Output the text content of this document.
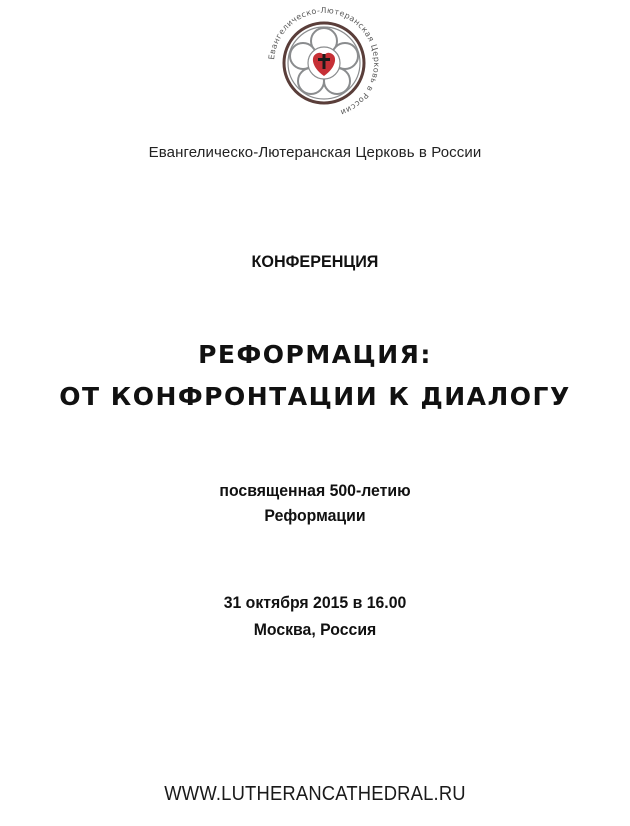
Евангелическо-Лютеранская Церковь в России
Евангелическо-Лютеранская Церковь в России
КОНФЕРЕНЦИЯ
РЕФОРМАЦИЯ:
ОТ КОНФРОНТАЦИИ К ДИАЛОГУ
посвященная 500-летию
Реформации
31 октября 2015 в 16.00
Москва, Россия
WWW.LUTHERANCATHEDRAL.RU
